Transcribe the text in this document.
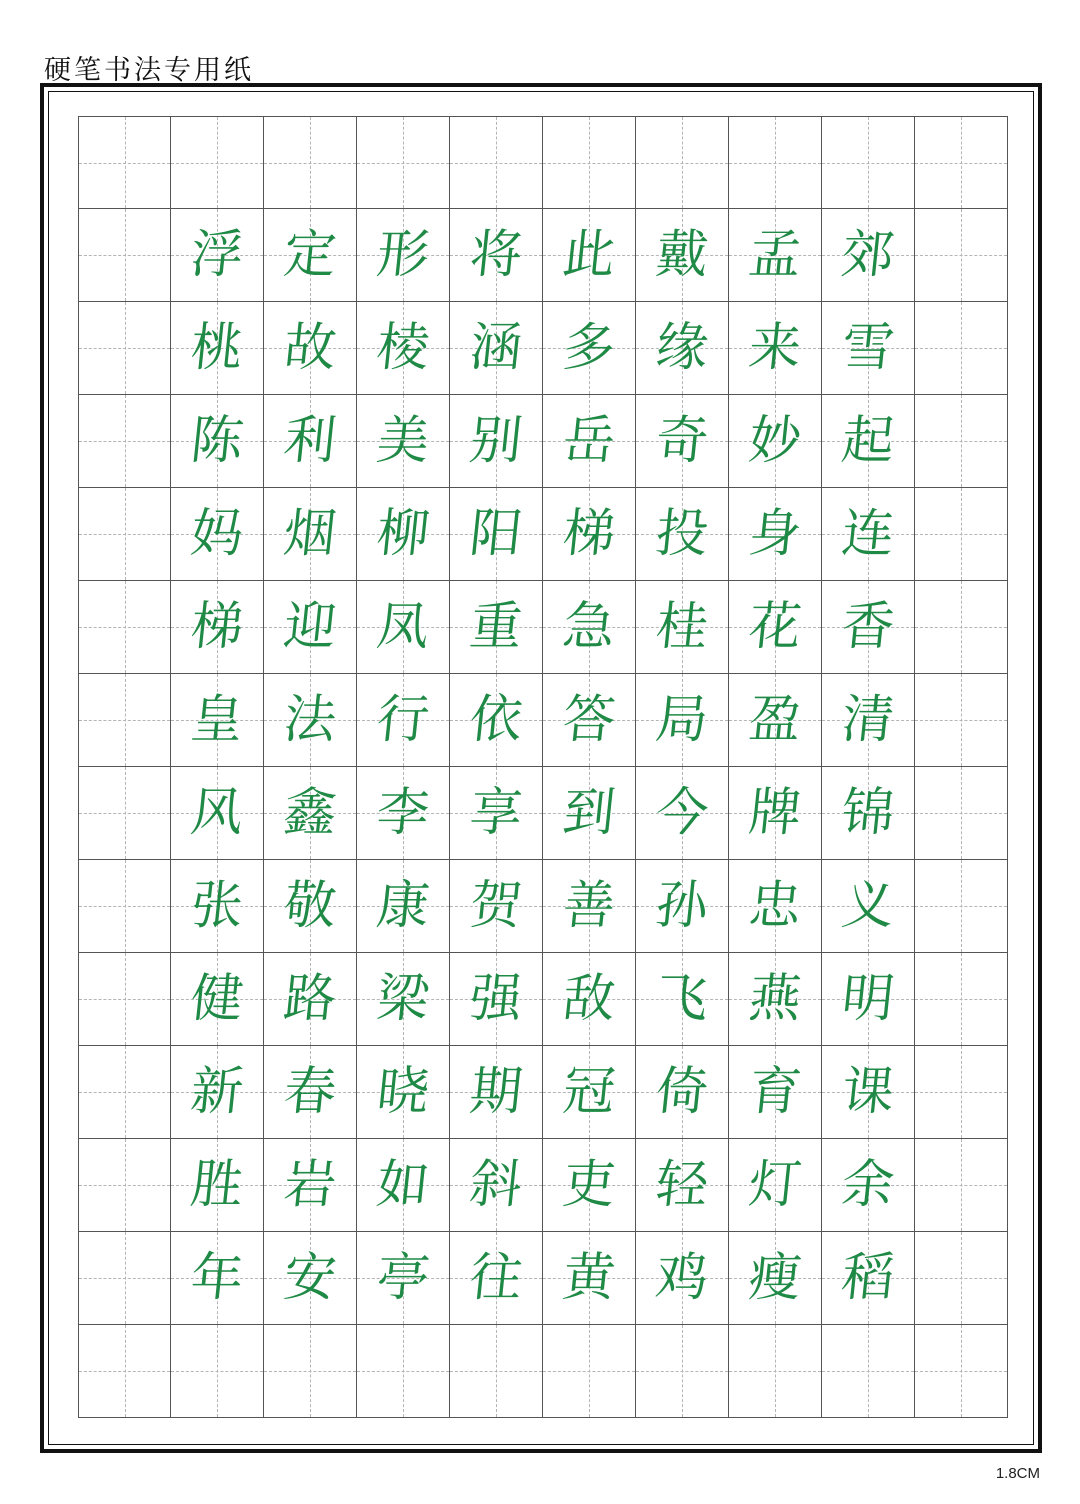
硬笔书法专用纸
浮 定 形 将 此 戴 孟 郊
桃 故 棱 涵 多 缘 来 雪
陈 利 美 别 岳 奇 妙 起
妈 烟 柳 阳 梯 投 身 连
梯 迎 凤 重 急 桂 花 香
皇 法 行 依 答 局 盈 清
风 鑫 李 享 到 今 牌 锦
张 敬 康 贺 善 孙 忠 义
健 路 梁 强 敌 飞 燕 明
新 春 晓 期 冠 倚 育 课
胜 岩 如 斜 吏 轻 灯 余
年 安 亭 往 黄 鸡 瘦 稻
1.8CM
